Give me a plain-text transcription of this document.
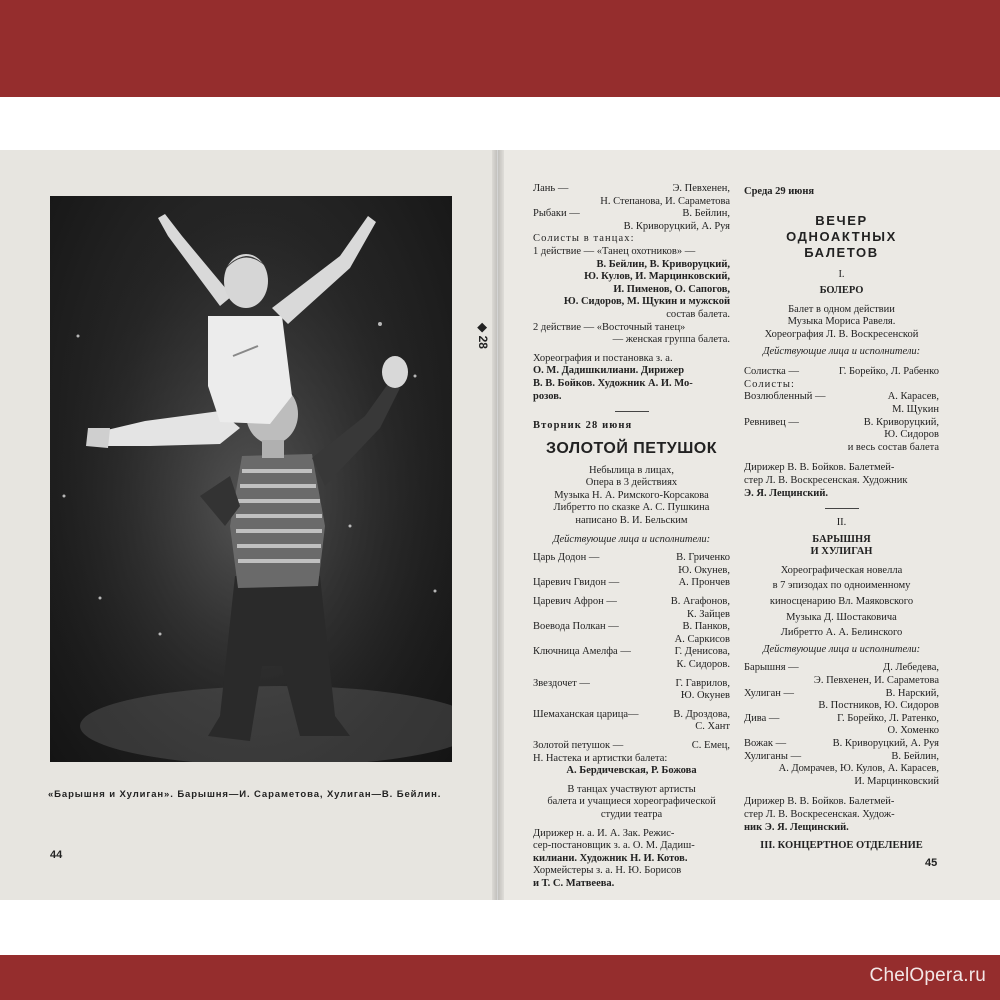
ChelOpera.ru
«Барышня и Хулиган». Барышня—И. Сараметова, Хулиган—В. Бейлин.
44
◆ 28
Лань —	Э. Певхенен,
Н. Степанова, И. Сараметова
Рыбаки —	В. Бейлин,
В. Криворуцкий, А. Руя
Солисты в танцах:
1 действие — «Танец охотников» —
В. Бейлин, В. Криворуцкий,
Ю. Кулов, И. Марцинковский,
И. Пименов, О. Сапогов,
Ю. Сидоров, М. Щукин и мужской
состав балета.
2 действие — «Восточный танец»
— женская группа балета.
Хореография и постановка з. а.
О. М. Дадишкилиани. Дирижер
В. В. Бойков. Художник А. И. Мо-
розов.
Вторник 28 июня
ЗОЛОТОЙ ПЕТУШОК
Небылица в лицах,
Опера в 3 действиях
Музыка Н. А. Римского-Корсакова
Либретто по сказке А. С. Пушкина
написано В. И. Бельским
Действующие лица и исполнители:
Царь Додон —	В. Гриченко
Ю. Окунев,
Царевич Гвидон —	А. Прончев
Царевич Афрон —	В. Агафонов,
К. Зайцев
Воевода Полкан —	В. Панков,
А. Саркисов
Ключница Амелфа —	Г. Денисова,
К. Сидоров.
Звездочет —	Г. Гаврилов,
Ю. Окунев
Шемаханская царица—	В. Дроздова,
С. Хант
Золотой петушок —	С. Емец,
Н. Настека и артистки балета:
А. Бердичевская, Р. Божова
В танцах участвуют артисты
балета и учащиеся хореографической
студии театра
Дирижер н. а. И. А. Зак. Режис-
сер-постановщик з. а. О. М. Дадиш-
килиани. Художник Н. И. Котов.
Хормейстеры з. а. Н. Ю. Борисов
и Т. С. Матвеева.
Среда 29 июня
ВЕЧЕР
ОДНОАКТНЫХ
БАЛЕТОВ
I.
БОЛЕРО
Балет в одном действии
Музыка Мориса Равеля.
Хореография Л. В. Воскресенской
Действующие лица и исполнители:
Солистка —	Г. Борейко, Л. Рабенко
Солисты:
Возлюбленный —	А. Карасев,
М. Щукин
Ревнивец —	В. Криворуцкий,
Ю. Сидоров
и весь состав балета
Дирижер В. В. Бойков. Балетмей-
стер Л. В. Воскресенская. Художник
Э. Я. Лещинский.
II.
БАРЫШНЯ
И ХУЛИГАН
Хореографическая новелла
в 7 эпизодах по одноименному
киносценарию Вл. Маяковского
Музыка Д. Шостаковича
Либретто А. А. Белинского
Действующие лица и исполнители:
Барышня —	Д. Лебедева,
Э. Певхенен, И. Сараметова
Хулиган —	В. Нарский,
В. Постников, Ю. Сидоров
Дива —	Г. Борейко, Л. Ратенко,
О. Хоменко
Вожак —	В. Криворуцкий, А. Руя
Хулиганы —	В. Бейлин,
А. Домрачев, Ю. Кулов, А. Карасев,
И. Марцинковский
Дирижер В. В. Бойков. Балетмей-
стер Л. В. Воскресенская. Худож-
ник Э. Я. Лещинский.
III. КОНЦЕРТНОЕ ОТДЕЛЕНИЕ
45
